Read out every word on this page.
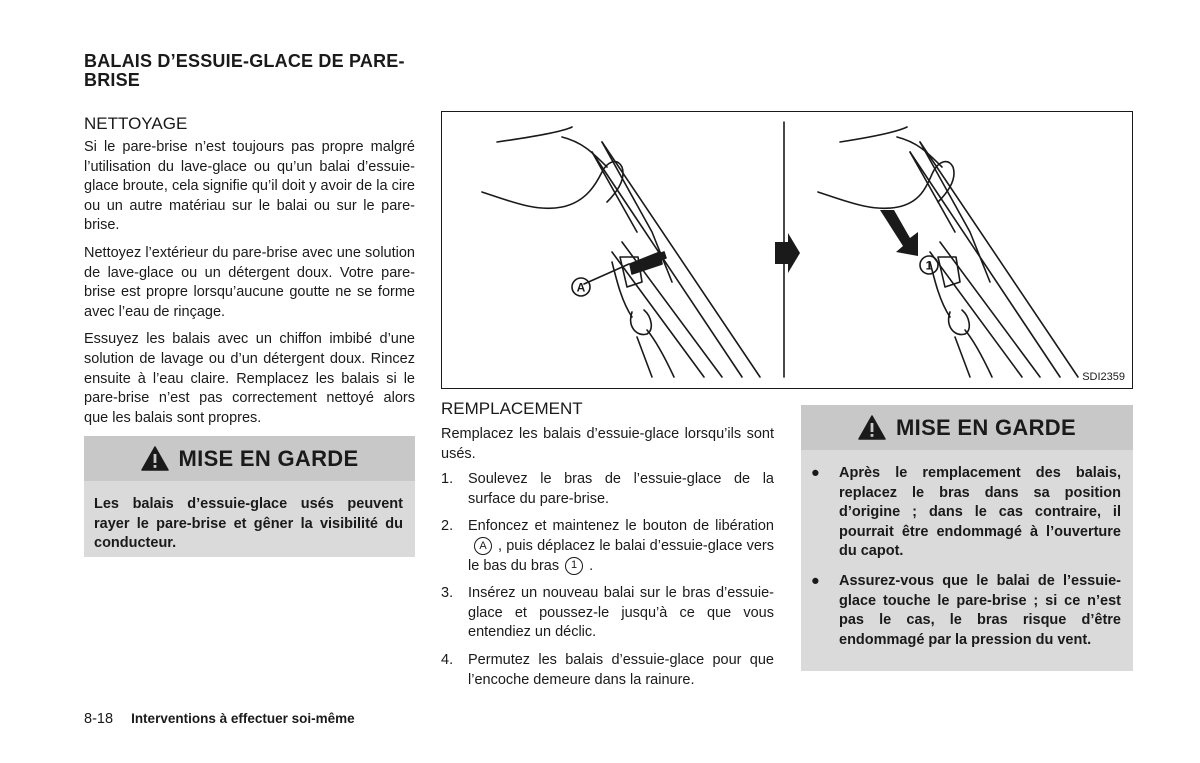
BALAIS D’ESSUIE-GLACE DE PARE-BRISE
NETTOYAGE

Si le pare-brise n’est toujours pas propre malgré l’utilisation du lave-glace ou qu’un balai d’essuie-glace broute, cela signifie qu’il doit y avoir de la cire ou un autre matériau sur le balai ou sur le pare-brise.

Nettoyez l’extérieur du pare-brise avec une solution de lave-glace ou un détergent doux. Votre pare-brise est propre lorsqu’aucune goutte ne se forme avec l’eau de rinçage.

Essuyez les balais avec un chiffon imbibé d’une solution de lavage ou d’un détergent doux. Rincez ensuite à l’eau claire. Remplacez les balais si le pare-brise n’est pas correctement nettoyé alors que les balais sont propres.

MISE EN GARDE
Les balais d’essuie-glace usés peuvent rayer le pare-brise et gêner la visibilité du conducteur.
A
1
SDI2359
REMPLACEMENT

Remplacez les balais d’essuie-glace lorsqu’ils sont usés.

1.	Soulevez le bras de l’essuie-glace de la surface du pare-brise.
2.	Enfoncez et maintenez le bouton de libérationA , puis déplacez le balai d’essuie-glace vers le bas du bras 1 .
3.	Insérez un nouveau balai sur le bras d’essuie-glace et poussez-le jusqu’à ce que vous entendiez un déclic.
4.	Permutez les balais d’essuie-glace pour que l’encoche demeure dans la rainure.
MISE EN GARDE
●	Après le remplacement des balais, replacez le bras dans sa position d’origine ; dans le cas contraire, il pourrait être endommagé à l’ouverture du capot.
●	Assurez-vous que le balai de l’essuie-glace touche le pare-brise ; si ce n’est pas le cas, le bras risque d’être endommagé par la pression du vent.
8-18 Interventions à effectuer soi-même
